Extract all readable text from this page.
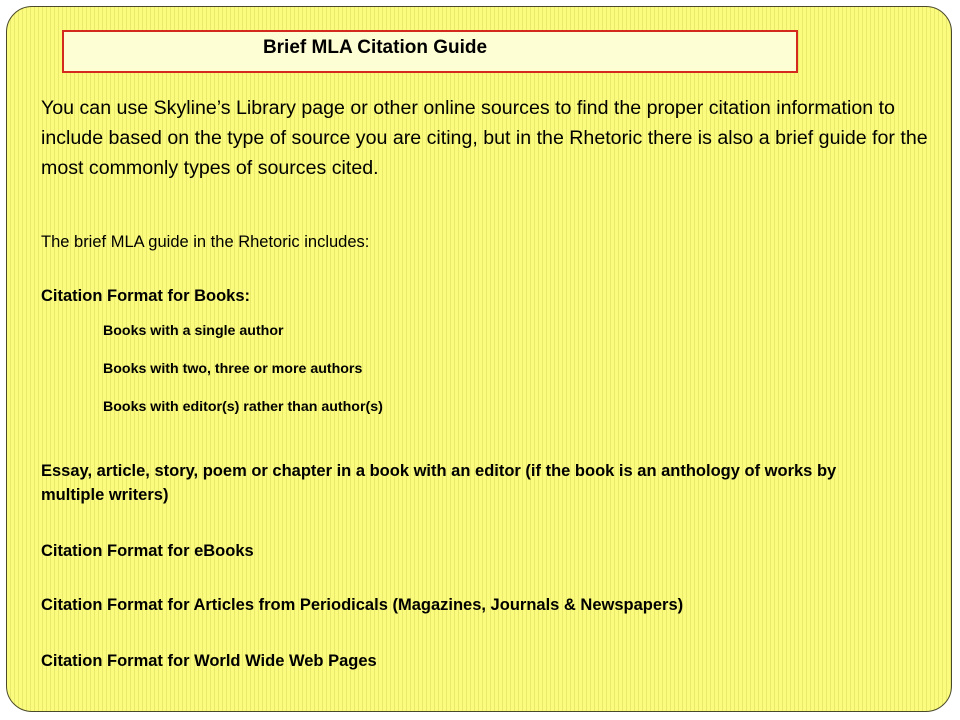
Brief MLA Citation Guide
You can use Skyline’s Library page or other online sources to find the proper citation information to include based on the type of source you are citing, but in the Rhetoric there is also a brief guide for the most commonly types of sources cited.
The brief MLA guide in the Rhetoric includes:
Citation Format for Books:
Books with a single author
Books with two, three or more authors
Books with editor(s) rather than author(s)
Essay, article, story, poem or chapter in a book with an editor (if the book is an anthology of works by multiple writers)
Citation Format for eBooks
Citation Format for Articles from Periodicals (Magazines, Journals & Newspapers)
Citation Format for World Wide Web Pages
